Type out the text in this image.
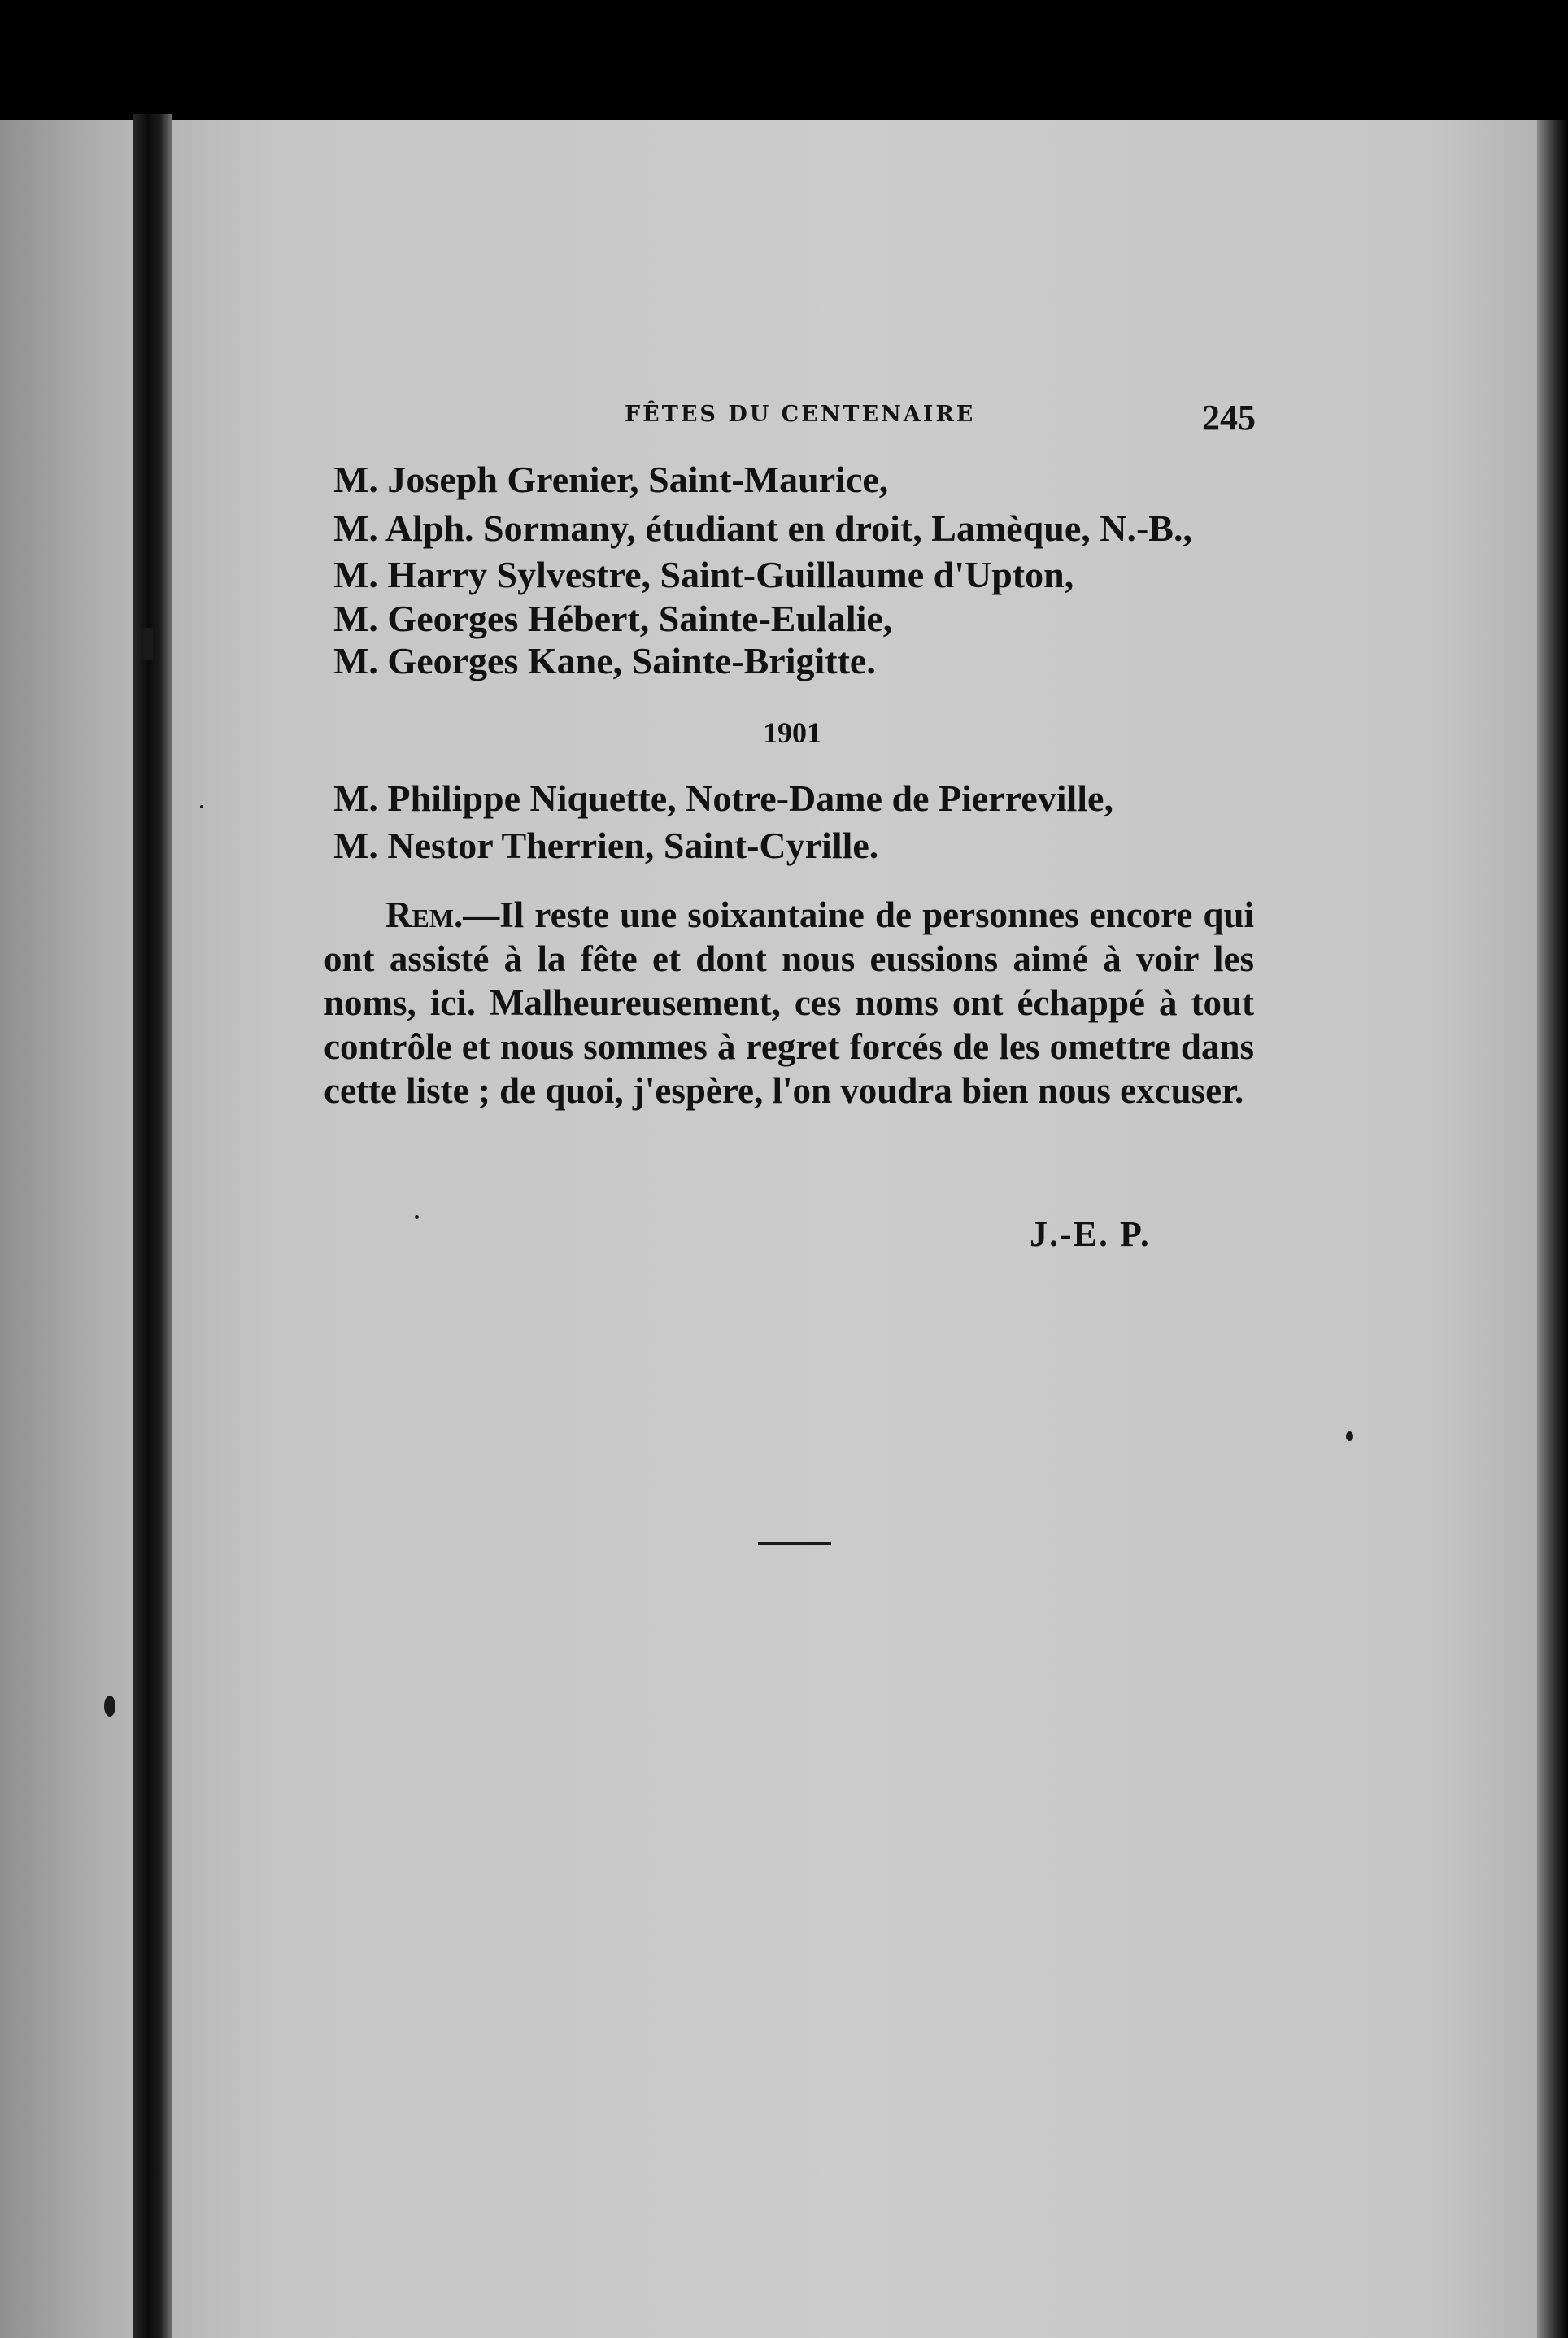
FÊTES DU CENTENAIRE	245
M. Joseph Grenier, Saint-Maurice,
M. Alph. Sormany, étudiant en droit, Lamèque, N.-B.,
M. Harry Sylvestre, Saint-Guillaume d'Upton,
M. Georges Hébert, Sainte-Eulalie,
M. Georges Kane, Sainte-Brigitte.
1901
M. Philippe Niquette, Notre-Dame de Pierreville,
M. Nestor Therrien, Saint-Cyrille.
Rem.—Il reste une soixantaine de personnes encore qui ont assisté à la fête et dont nous eussions aimé à voir les noms, ici. Malheureusement, ces noms ont échappé à tout contrôle et nous sommes à regret forcés de les omettre dans cette liste ; de quoi, j'espère, l'on voudra bien nous excuser.
J.-E. P.
